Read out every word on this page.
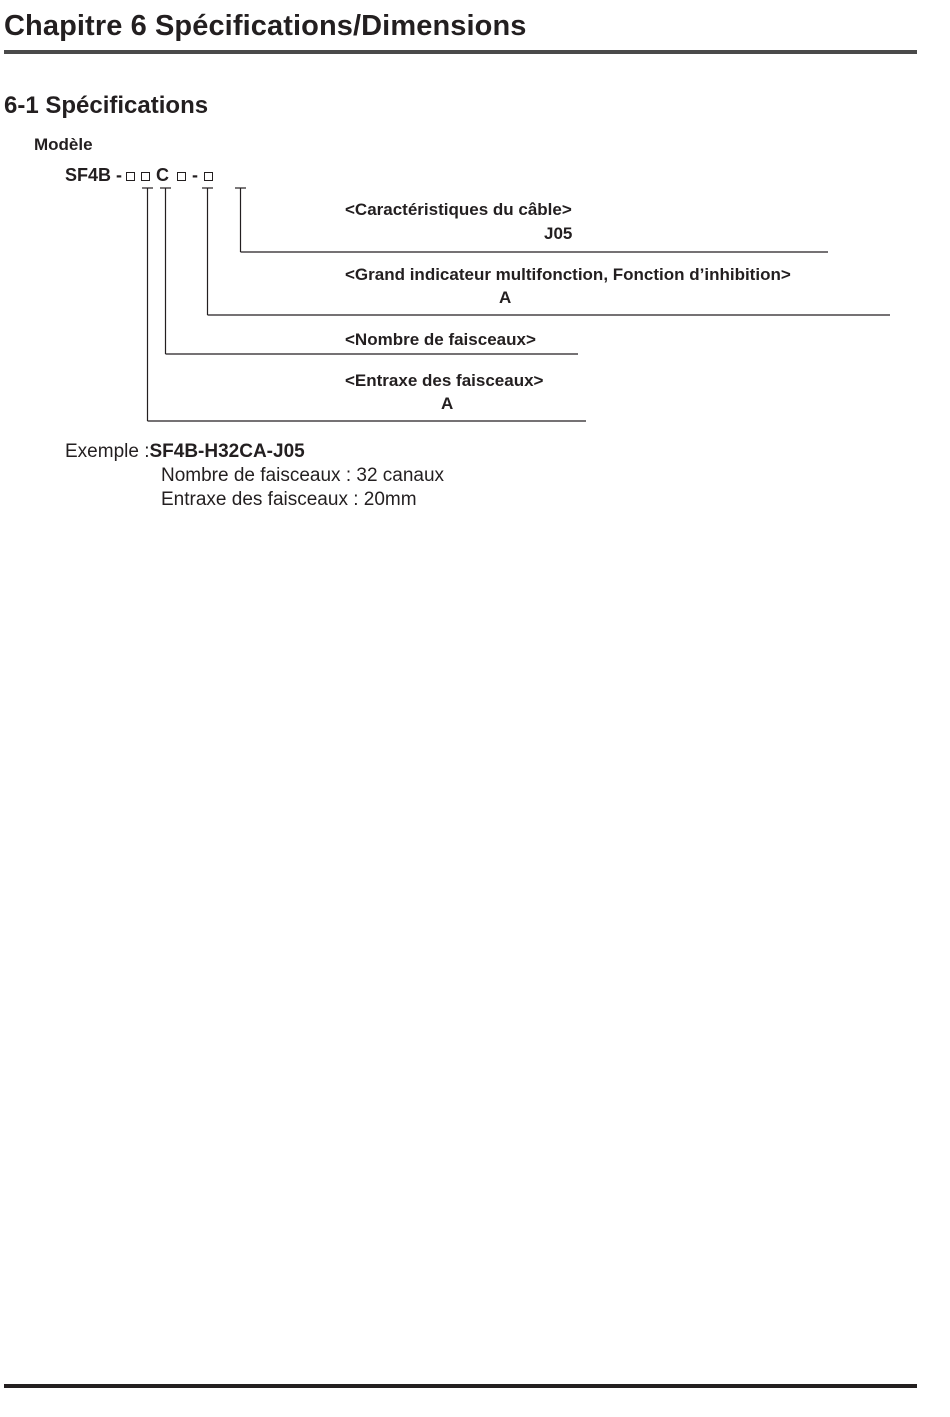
Chapitre 6 Spécifications/Dimensions
6-1 Spécifications
Modèle
SF4B - C -
<Caractéristiques du câble>
J05
<Grand indicateur multifonction, Fonction d’inhibition>
A
<Nombre de faisceaux>
<Entraxe des faisceaux>
A
Exemple :SF4B-H32CA-J05
Nombre de faisceaux : 32 canaux
Entraxe des faisceaux : 20mm
